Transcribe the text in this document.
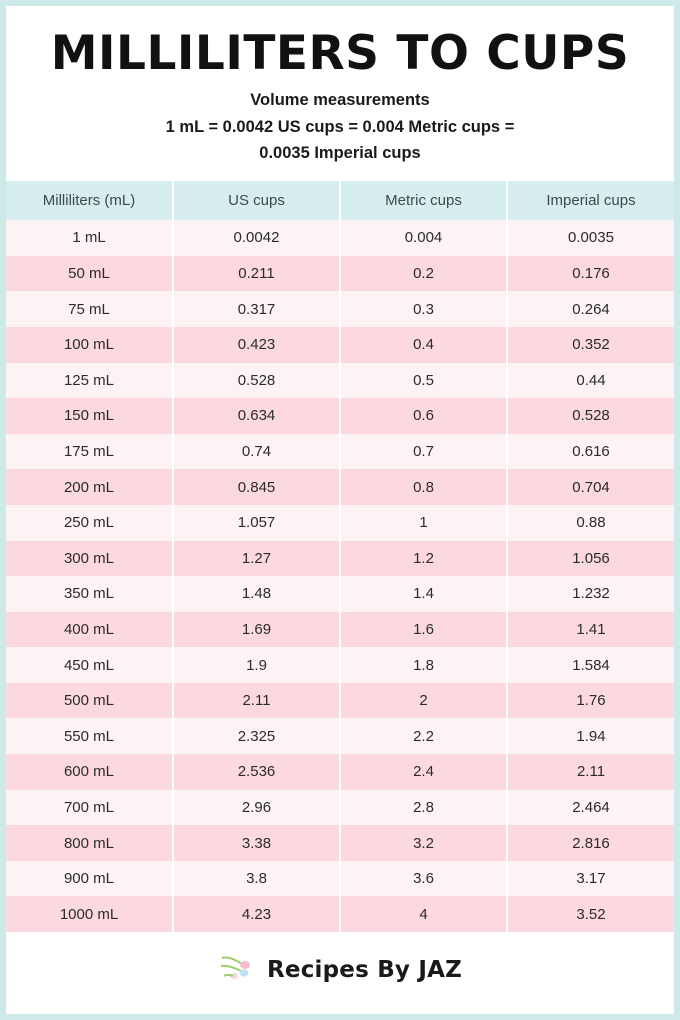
MILLILITERS TO CUPS
Volume measurements
1 mL = 0.0042 US cups = 0.004 Metric cups =
0.0035 Imperial cups
Milliliters (mL)	US cups	Metric cups	Imperial cups
1 mL	0.0042	0.004	0.0035
50 mL	0.211	0.2	0.176
75 mL	0.317	0.3	0.264
100 mL	0.423	0.4	0.352
125 mL	0.528	0.5	0.44
150 mL	0.634	0.6	0.528
175 mL	0.74	0.7	0.616
200 mL	0.845	0.8	0.704
250 mL	1.057	1	0.88
300 mL	1.27	1.2	1.056
350 mL	1.48	1.4	1.232
400 mL	1.69	1.6	1.41
450 mL	1.9	1.8	1.584
500 mL	2.11	2	1.76
550 mL	2.325	2.2	1.94
600 mL	2.536	2.4	2.11
700 mL	2.96	2.8	2.464
800 mL	3.38	3.2	2.816
900 mL	3.8	3.6	3.17
1000 mL	4.23	4	3.52
Recipes By JAZ
